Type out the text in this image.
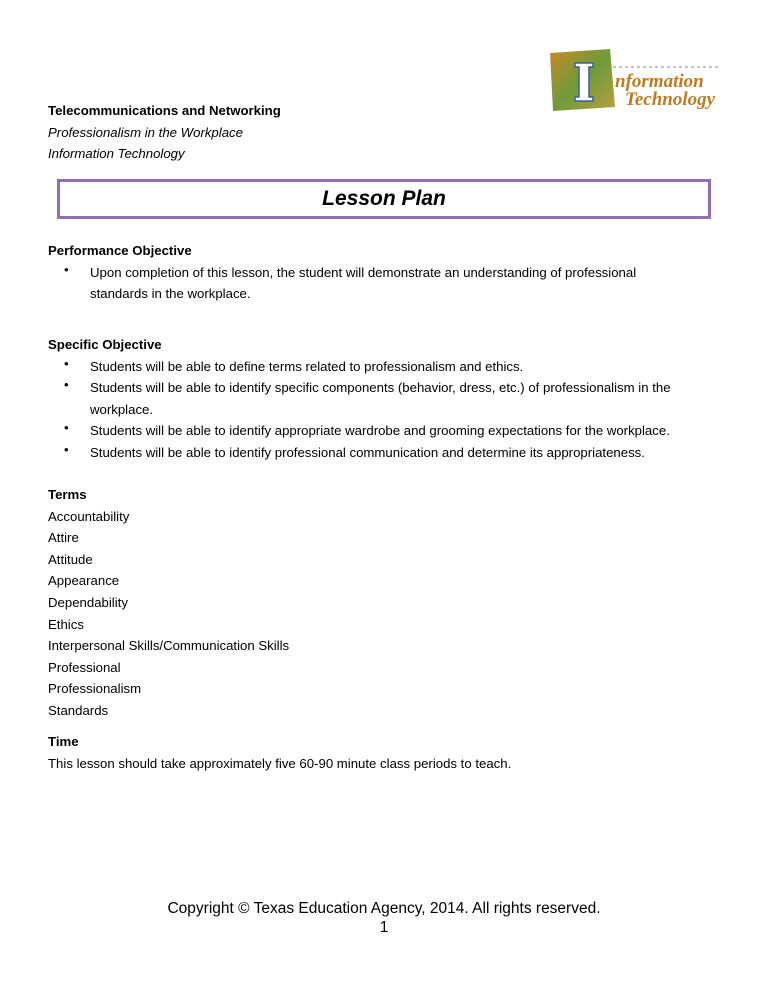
nformation
Technology
Telecommunications and Networking
Professionalism in the Workplace
Information Technology
Lesson Plan
Performance Objective
• Upon completion of this lesson, the student will demonstrate an understanding of professional
standards in the workplace.
Specific Objective
• Students will be able to define terms related to professionalism and ethics.
• Students will be able to identify specific components (behavior, dress, etc.) of professionalism in the
workplace.
• Students will be able to identify appropriate wardrobe and grooming expectations for the workplace.
• Students will be able to identify professional communication and determine its appropriateness.
Terms
Accountability
Attire
Attitude
Appearance
Dependability
Ethics
Interpersonal Skills/Communication Skills
Professional
Professionalism
Standards
Time
This lesson should take approximately five 60-90 minute class periods to teach.
Copyright © Texas Education Agency, 2014. All rights reserved.
1
